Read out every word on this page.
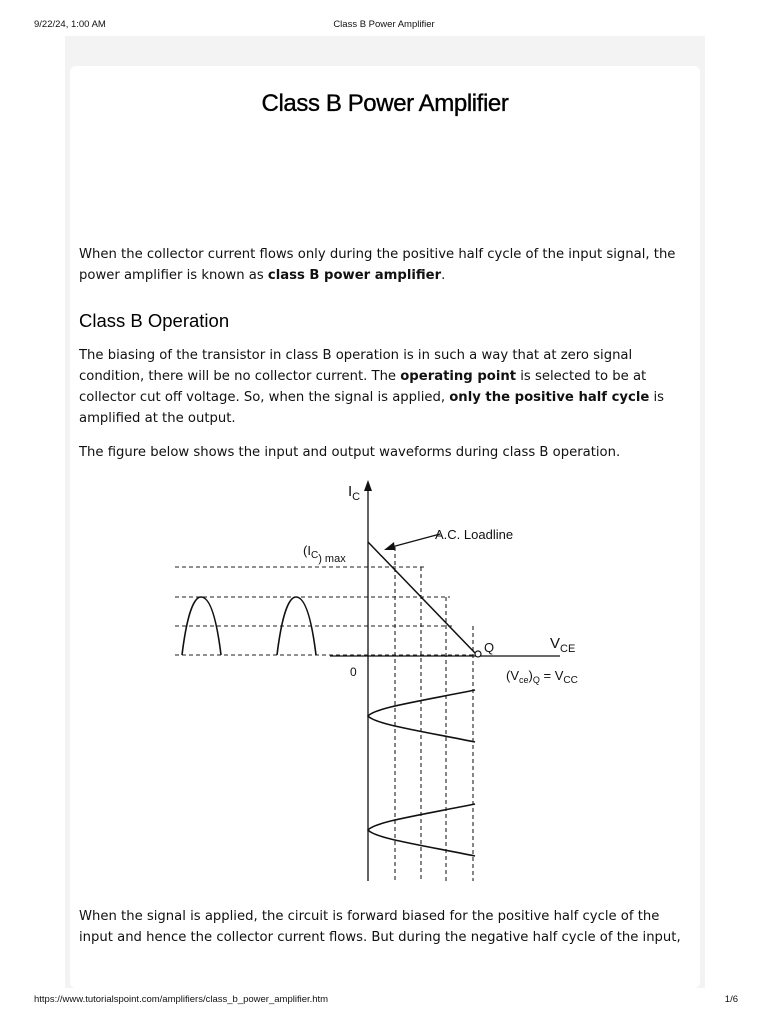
9/22/24, 1:00 AM	Class B Power Amplifier
Class B Power Amplifier

When the collector current flows only during the positive half cycle of the input signal, the power amplifier is known as class B power amplifier.

Class B Operation

The biasing of the transistor in class B operation is in such a way that at zero signal condition, there will be no collector current. The operating point is selected to be at collector cut off voltage. So, when the signal is applied, only the positive half cycle is amplified at the output.

The figure below shows the input and output waveforms during class B operation.

$I_C$
A.C. Loadline
($I_{C) max}$
Q	$V_{CE}$
0	$(V_{ce})_Q = V_{CC}$

When the signal is applied, the circuit is forward biased for the positive half cycle of the input and hence the collector current flows. But during the negative half cycle of the input,

https://www.tutorialspoint.com/amplifiers/class_b_power_amplifier.htm	1/6
